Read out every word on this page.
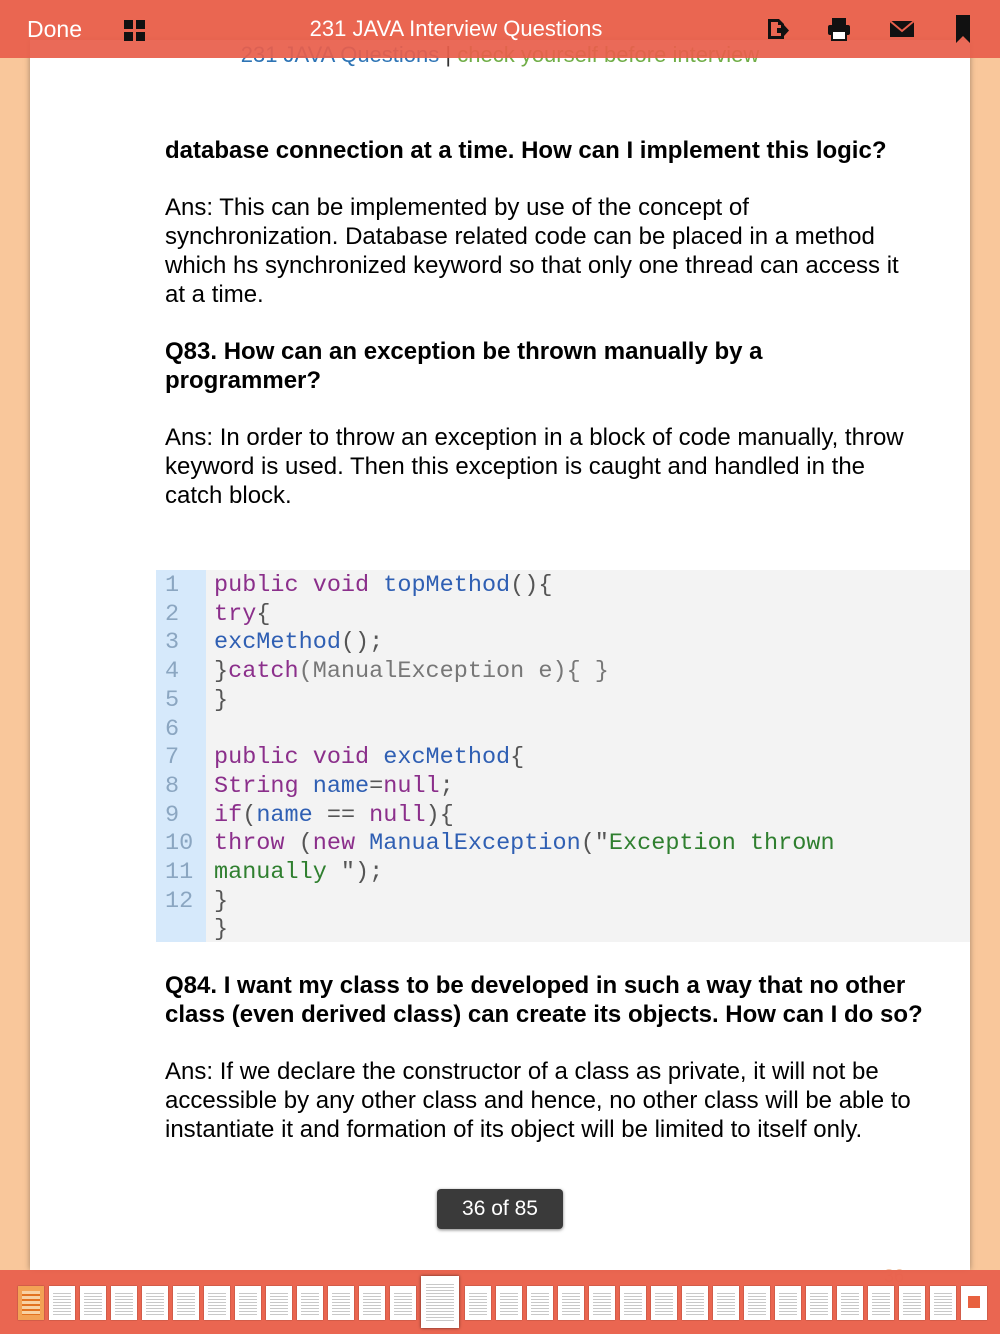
database connection at a time. How can I implement this logic?

Ans: This can be implemented by use of the concept of synchronization. Database related code can be placed in a method which hs synchronized keyword so that only one thread can access it at a time.

Q83. How can an exception be thrown manually by a programmer?

Ans: In order to throw an exception in a block of code manually, throw keyword is used. Then this exception is caught and handled in the catch block.

1 public void topMethod(){
2 try{
3 excMethod();
4 }catch(ManualException e){ }
5 }
6
7 public void excMethod{
8 String name=null;
9 if(name == null){
10 throw (new ManualException("Exception thrown
11 manually ");
12 }
}

Q84. I want my class to be developed in such a way that no other class (even derived class) can create its objects. How can I do so?

Ans: If we declare the constructor of a class as private, it will not be accessible by any other class and hence, no other class will be able to instantiate it and formation of its object will be limited to itself only.

Done	231 JAVA Interview Questions
36 of 85
